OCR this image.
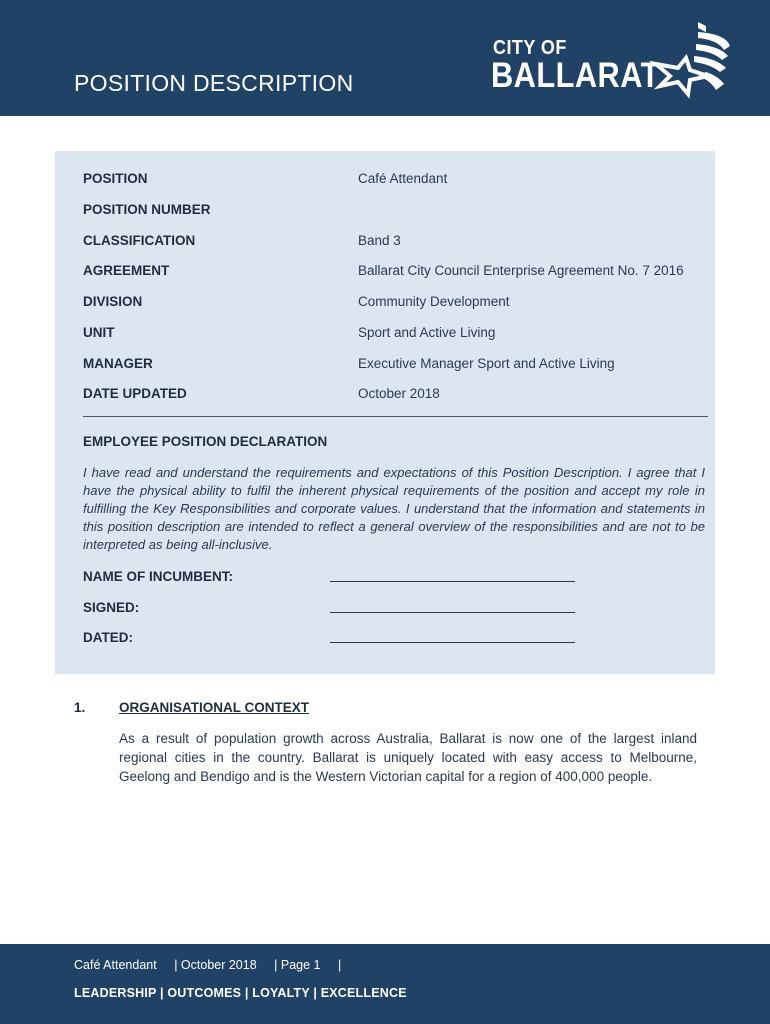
POSITION DESCRIPTION
CITY OF
BALLARAT
POSITION	Café Attendant
POSITION NUMBER
CLASSIFICATION	Band 3
AGREEMENT	Ballarat City Council Enterprise Agreement No. 7 2016
DIVISION	Community Development
UNIT	Sport and Active Living
MANAGER	Executive Manager Sport and Active Living
DATE UPDATED	October 2018
EMPLOYEE POSITION DECLARATION
I have read and understand the requirements and expectations of this Position Description. I agree that I have the physical ability to fulfil the inherent physical requirements of the position and accept my role in fulfilling the Key Responsibilities and corporate values. I understand that the information and statements in this position description are intended to reflect a general overview of the responsibilities and are not to be interpreted as being all-inclusive.
NAME OF INCUMBENT:
SIGNED:
DATED:
1. ORGANISATIONAL CONTEXT
As a result of population growth across Australia, Ballarat is now one of the largest inland regional cities in the country. Ballarat is uniquely located with easy access to Melbourne, Geelong and Bendigo and is the Western Victorian capital for a region of 400,000 people.
Café Attendant | October 2018 | Page 1 |
LEADERSHIP | OUTCOMES | LOYALTY | EXCELLENCE
